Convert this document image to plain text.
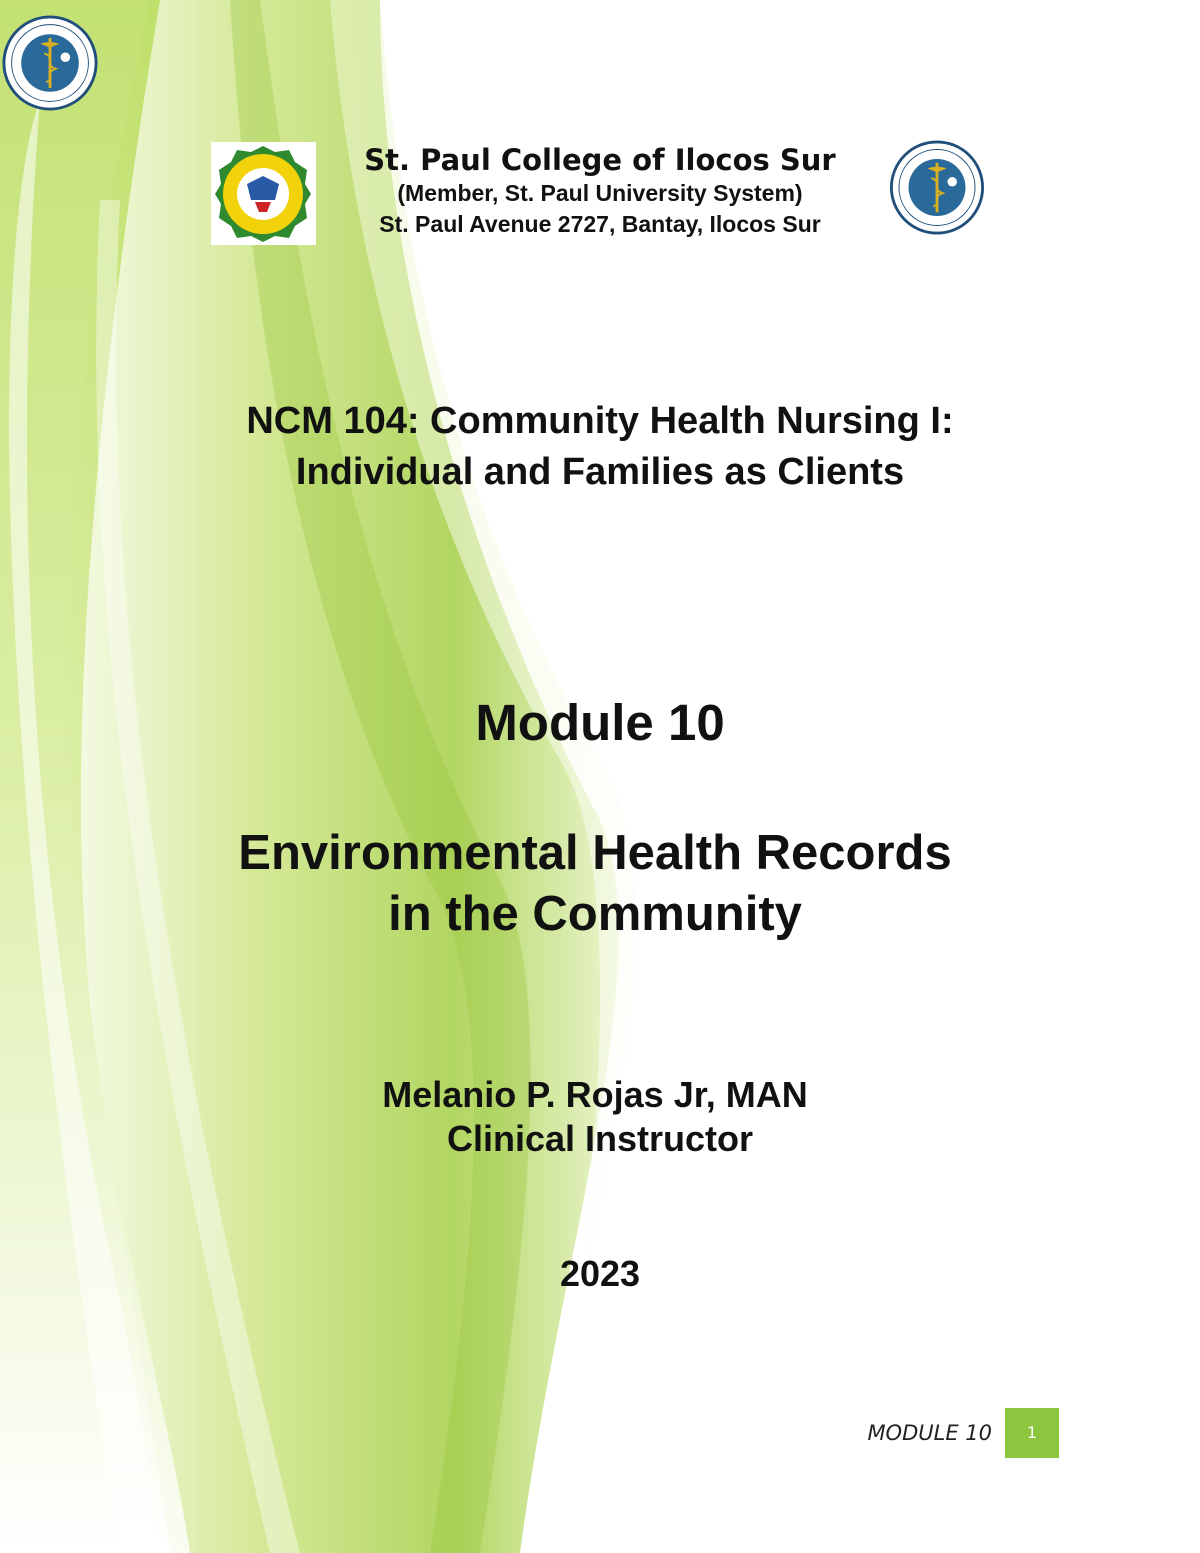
St. Paul College of Ilocos Sur
(Member, St. Paul University System)
St. Paul Avenue 2727, Bantay, Ilocos Sur
NCM 104: Community Health Nursing I:
Individual and Families as Clients
Module 10
Environmental Health Records
in the Community
Melanio P. Rojas Jr, MAN
Clinical Instructor
2023
MODULE 10	1
